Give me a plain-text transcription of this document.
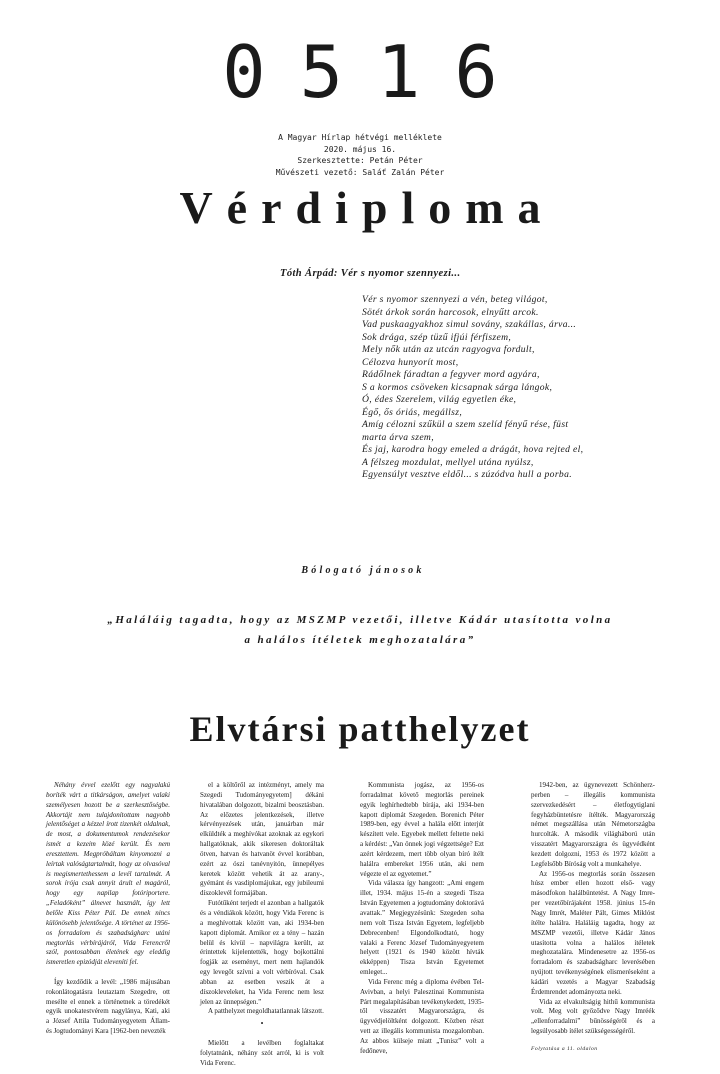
0516
A Magyar Hírlap hétvégi melléklete
2020. május 16.
Szerkesztette: Petán Péter
Művészeti vezető: Saláť Zalán Péter
Vérdiploma
Tóth Árpád: Vér s nyomor szennyezi...
Vér s nyomor szennyezi a vén, beteg világot,
Sötét árkok során harcosok, elnyűtt arcok.
Vad puskaagyakhoz simul sovány, szakállas, árva...
Sok drága, szép tüzű ifjúi férfiszem,
Mely nők után az utcán ragyogva fordult,
Célozva hunyorít most,
Rádőlnek fáradtan a fegyver mord agyára,
S a kormos csöveken kicsapnak sárga lángok,
Ó, édes Szerelem, világ egyetlen éke,
Égő, ős óriás, megállsz,
Amíg célozni szűkül a szem szelíd fényű rése, füst
marta árva szem,
És jaj, karodra hogy emeled a drágát, hova rejted el,
A félszeg mozdulat, mellyel utána nyúlsz,
Egyensúlyt vesztve eldől... s zúzódva hull a porba.
Bólogató jánosok
„Haláláig tagadta, hogy az MSZMP vezetői, illetve Kádár utasította volna
a halálos ítéletek meghozatalára”
Elvtársi patthelyzet

Néhány évvel ezelőtt egy nagyalakú boríték várt a titkárságon, amelyet valaki személyesen hozott be a szerkesztőségbe. Akkortájt nem tulajdonítottam nagyobb jelentőséget a kézzel írott tizenkét oldalnak, de most, a dokumentumok rendezésekor ismét a kezeim közé került. És nem eresztettem. Megpróbáltam kinyomozni a leírtak valóságtartalmát, hogy az olvasóval is megismertethessem a levél tartalmát. A sorok írója csak annyit árult el magáról, hogy egy napilap fotóriportere. „Feladóként” álnevet használt, így lett belőle Kiss Péter Pál. De ennek nincs különösebb jelentősége. A történet az 1956-os forradalom és szabadságharc utáni megtorlás vérbírájáról, Vida Ferencről szól, pontosabban életének egy eleddig ismeretlen epizódját eleveníti fel.

Így kezdődik a levél: „1986 májusában rokonlátogatásra leutaztam Szegedre, ott meséltе el ennek a történetnek a töredékét egyik unokatestvérem nagylánya, Kati, aki a József Attila Tudományegyetem Állam- és Jogtudományi Kara [1962-ben nevezték

el a költőről az intézményt, amely ma Szegedi Tudományegyetem] dékáni hivatalában dolgozott, bizalmi beosztásban. Az előzetes jelentkezések, illetve kérvényezések után, januárban már elküldték a meghívókat azoknak az egykori hallgatóknak, akik sikeresen doktoráltak ötven, hatvan és hatvanöt évvel korábban, ezért az ószi tanévnyitón, ünnepélyes keretek között vehetik át az arany-, gyémánt és vasdiplomájukat, egy jubileumi díszoklevél formájában.

Futótűként terjedt el azonban a hallgatók és a véndiákok között, hogy Vida Ferenc is a meghívottak között van, aki 1934-ben kapott diplomát. Amikor ez a tény – hazán belül és kívül – napvilágra került, az érintettek kijelentették, hogy bojkottálni fogják az eseményt, mert nem hajlandók egy levegőt szívni a volt vérbíróval. Csak abban az esetben veszik át a díszokleveleket, ha Vida Ferenc nem lesz jelen az ünnepségen.”

A patthelyzet megoldhatatlannak látszott.

•

Mielőtt a levélben foglaltakat folytatnánk, néhány szót arról, ki is volt Vida Ferenc.

Kommunista jogász, az 1956-os forradalmat követő megtorlás pereinek egyik leghírhedtebb bírája, aki 1934-ben kapott diplomát Szegeden. Borenich Péter 1989-ben, egy évvel a halála előtt interjút készített vele. Egyebek mellett feltette neki a kérdést: „Van önnek jogi végzettsége? Ezt azért kérdezem, mert több olyan bíró ítélt halálra embereket 1956 után, aki nem végezte el az egyetemet.”

Vida válasza így hangzott: „Ami engem illet, 1934. május 15-én a szegedi Tisza István Egyetemen a jogtudomány doktorává avattak.” Megjegyzésünk: Szegeden soha nem volt Tisza István Egyetem, legfeljebb Debrecenben! Elgondolkodtató, hogy valaki a Ferenc József Tudományegyetem helyett (1921 és 1940 között hívták ekképpen) Tisza István Egyetemet emleget...

Vida Ferenc még a diploma évében Tel-Avivban, a helyi Palesztinai Kommunista Párt megalapításában tevékenykedett, 1935-től visszatért Magyarországra, és ügyvédjelöltként dolgozott. Közben részt vett az illegális kommunista mozgalomban. Az abbos külseje miatt „Tunisz” volt a fedőneve,

1942-ben, az ügynevezett Schönherz-perben – illegális kommunista szervezkedésért – életfogytiglani fegyházbüntetésre ítélték. Magyarország német megszállása után Németországba hurcolták. A második világháború után visszatért Magyarországra és ügyvédként kezdett dolgozni, 1953 és 1972 között a Legfelsőbb Bíróság volt a munkahelye.

Az 1956-os megtorlás során összesen húsz ember ellen hozott első- vagy másodfokon halálbüntetést. A Nagy Imre-per vezetőbírájaként 1958. június 15-én Nagy Imrét, Maléter Pált, Gimes Miklóst ítélte halálra. Haláláig tagadta, hogy az MSZMP vezetői, illetve Kádár János utasította volna a halálos ítéletek meghozatalára. Mindenesetre az 1956-os forradalom és szabadságharc leverésében nyújtott tevékenységének elismeréseként a kádári vezetés a Magyar Szabadság Érdemrendet adományozta neki.

Vida az elvakultságig hithű kommunista volt. Meg volt győződve Nagy Imréék „ellenforradalmi” bűnösségéről és a legsúlyosabb ítélet szükségességéről.

Folytatása a 11. oldalon
